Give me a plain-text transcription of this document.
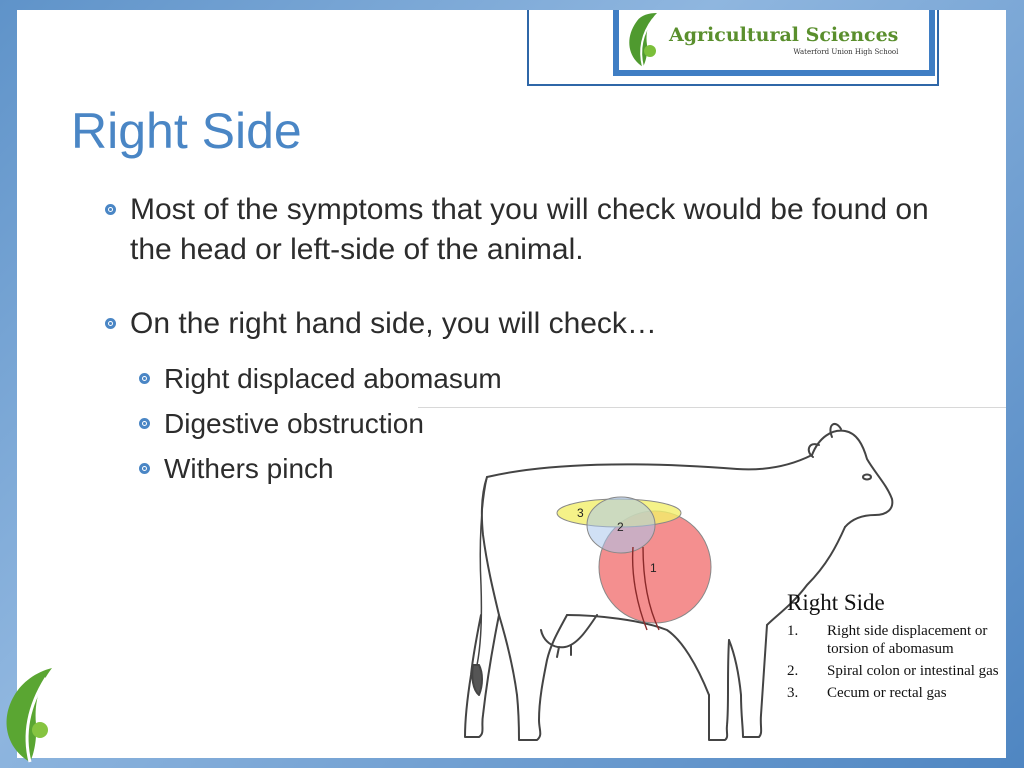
Agricultural Sciences
Waterford Union High School
Right Side
Most of the symptoms that you will check would be found on the head or left-side of the animal.
On the right hand side, you will check…
Right displaced abomasum
Digestive obstruction
Withers pinch
3
2
1
Right Side
1.	Right side displacement or torsion of abomasum
2.	Spiral colon or intestinal gas
3.	Cecum or rectal gas
